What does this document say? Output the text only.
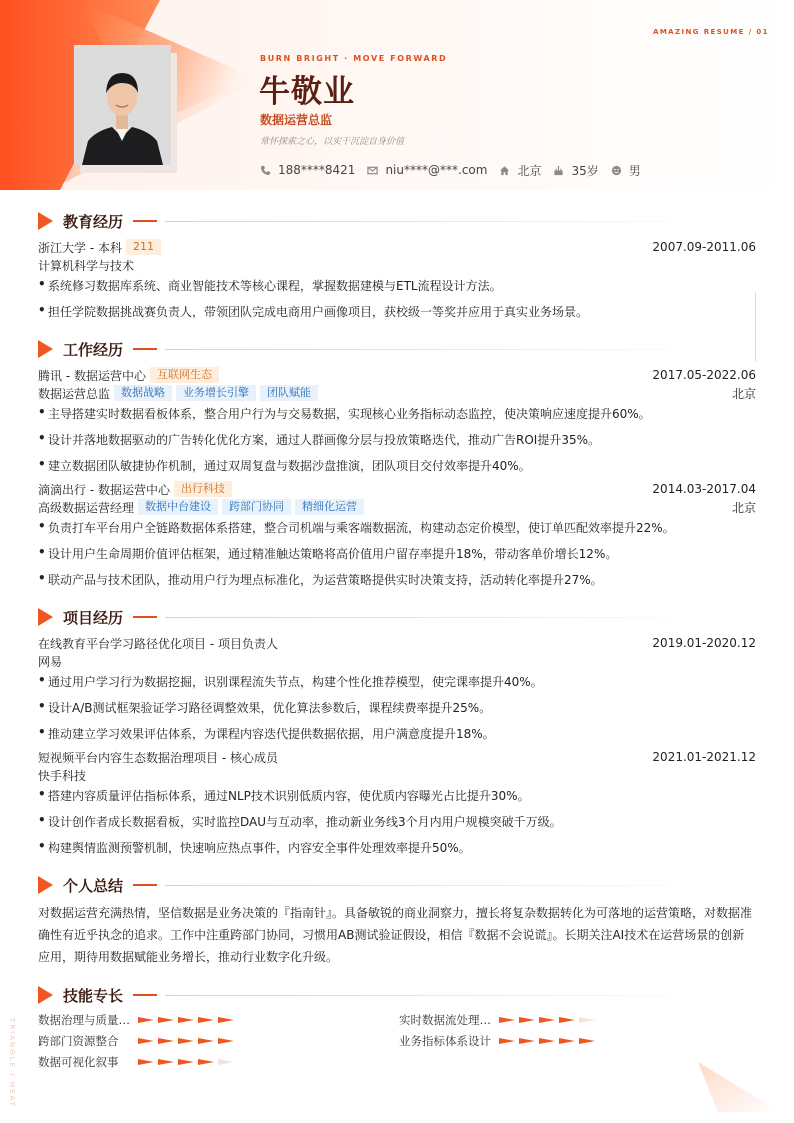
AMAZING RESUME / 01
BURN BRIGHT · MOVE FORWARD
牛敬业
数据运营总监
常怀探索之心，以实干沉淀自身价值
188****8421	niu****@***.com	北京	35岁	男
教育经历
浙江大学 - 本科	211	2007.09-2011.06
计算机科学与技术
• 系统修习数据库系统、商业智能技术等核心课程，掌握数据建模与ETL流程设计方法。
• 担任学院数据挑战赛负责人，带领团队完成电商用户画像项目，获校级一等奖并应用于真实业务场景。
工作经历
腾讯 - 数据运营中心	互联网生态	2017.05-2022.06
数据运营总监	数据战略	业务增长引擎	团队赋能	北京
• 主导搭建实时数据看板体系，整合用户行为与交易数据，实现核心业务指标动态监控，使决策响应速度提升60%。
• 设计并落地数据驱动的广告转化优化方案，通过人群画像分层与投放策略迭代，推动广告ROI提升35%。
• 建立数据团队敏捷协作机制，通过双周复盘与数据沙盘推演，团队项目交付效率提升40%。
滴滴出行 - 数据运营中心	出行科技	2014.03-2017.04
高级数据运营经理	数据中台建设	跨部门协同	精细化运营	北京
• 负责打车平台用户全链路数据体系搭建，整合司机端与乘客端数据流，构建动态定价模型，使订单匹配效率提升22%。
• 设计用户生命周期价值评估框架，通过精准触达策略将高价值用户留存率提升18%，带动客单价增长12%。
• 联动产品与技术团队，推动用户行为埋点标准化，为运营策略提供实时决策支持，活动转化率提升27%。
项目经历
在线教育平台学习路径优化项目 - 项目负责人	2019.01-2020.12
网易
• 通过用户学习行为数据挖掘，识别课程流失节点，构建个性化推荐模型，使完课率提升40%。
• 设计A/B测试框架验证学习路径调整效果，优化算法参数后，课程续费率提升25%。
• 推动建立学习效果评估体系，为课程内容迭代提供数据依据，用户满意度提升18%。
短视频平台内容生态数据治理项目 - 核心成员	2021.01-2021.12
快手科技
• 搭建内容质量评估指标体系，通过NLP技术识别低质内容，使优质内容曝光占比提升30%。
• 设计创作者成长数据看板，实时监控DAU与互动率，推动新业务线3个月内用户规模突破千万级。
• 构建舆情监测预警机制，快速响应热点事件，内容安全事件处理效率提升50%。
个人总结
对数据运营充满热情，坚信数据是业务决策的『指南针』。具备敏锐的商业洞察力，擅长将复杂数据转化为可落地的运营策略，对数据准确性有近乎执念的追求。工作中注重跨部门协同，习惯用AB测试验证假设，相信『数据不会说谎』。长期关注AI技术在运营场景的创新应用，期待用数据赋能业务增长，推动行业数字化升级。
技能专长
数据治理与质量…	实时数据流处理…
跨部门资源整合	业务指标体系设计
数据可视化叙事
TRIANGLE / HEAT
